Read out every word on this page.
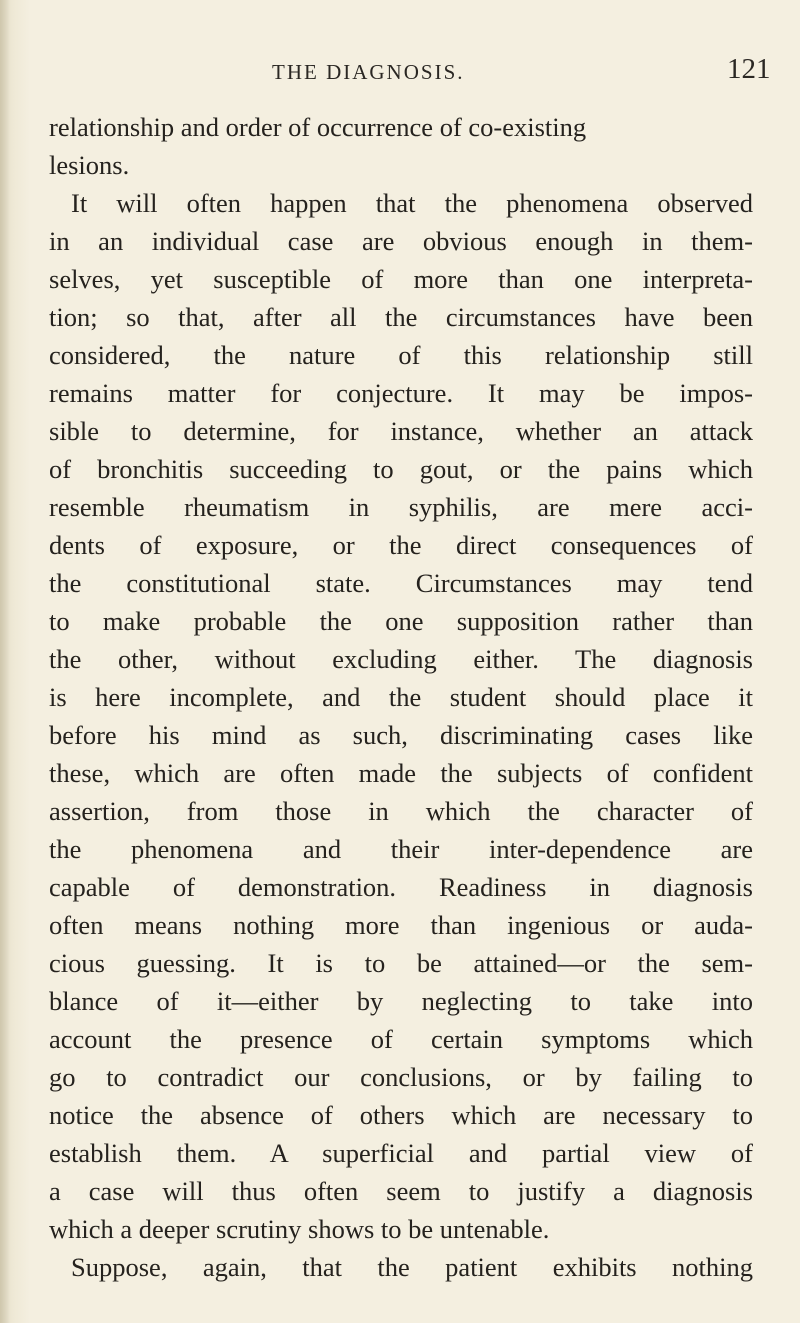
THE DIAGNOSIS.	121
relationship and order of occurrence of co-existing
lesions.
It will often happen that the phenomena observed
in an individual case are obvious enough in them-
selves, yet susceptible of more than one interpreta-
tion; so that, after all the circumstances have been
considered, the nature of this relationship still
remains matter for conjecture. It may be impos-
sible to determine, for instance, whether an attack
of bronchitis succeeding to gout, or the pains which
resemble rheumatism in syphilis, are mere acci-
dents of exposure, or the direct consequences of
the constitutional state. Circumstances may tend
to make probable the one supposition rather than
the other, without excluding either. The diagnosis
is here incomplete, and the student should place it
before his mind as such, discriminating cases like
these, which are often made the subjects of confident
assertion, from those in which the character of
the phenomena and their inter-dependence are
capable of demonstration. Readiness in diagnosis
often means nothing more than ingenious or auda-
cious guessing. It is to be attained—or the sem-
blance of it—either by neglecting to take into
account the presence of certain symptoms which
go to contradict our conclusions, or by failing to
notice the absence of others which are necessary to
establish them. A superficial and partial view of
a case will thus often seem to justify a diagnosis
which a deeper scrutiny shows to be untenable.
Suppose, again, that the patient exhibits nothing
